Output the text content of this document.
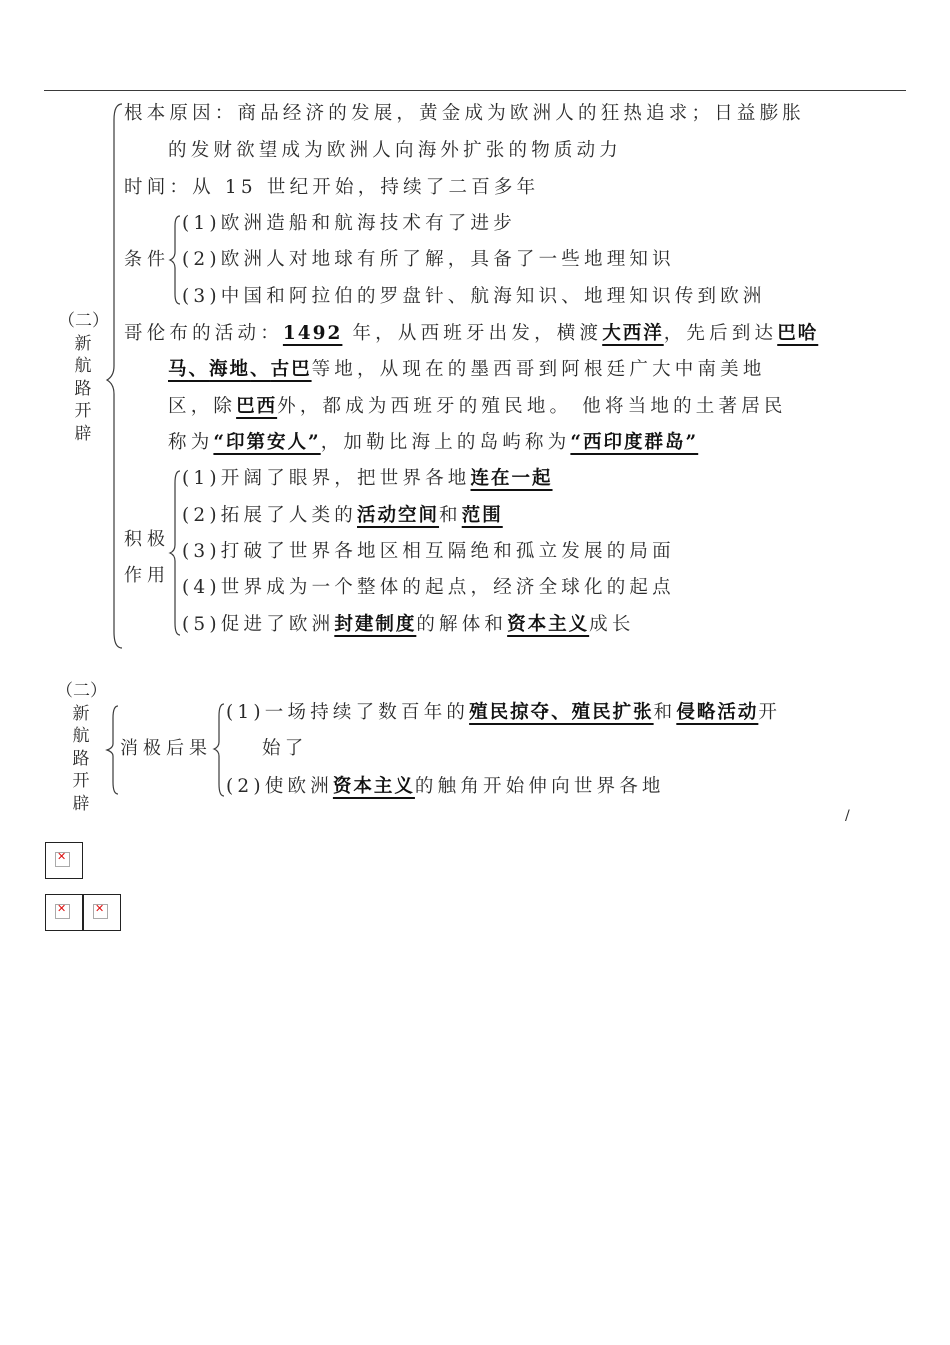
（二）
新
航
路
开
辟
根本原因：商品经济的发展，黄金成为欧洲人的狂热追求；日益膨胀
的发财欲望成为欧洲人向海外扩张的物质动力
时间：从 15 世纪开始，持续了二百多年
条件
(1)欧洲造船和航海技术有了进步
(2)欧洲人对地球有所了解，具备了一些地理知识
(3)中国和阿拉伯的罗盘针、航海知识、地理知识传到欧洲
哥伦布的活动：1492 年，从西班牙出发，横渡大西洋，先后到达巴哈
马、海地、古巴等地，从现在的墨西哥到阿根廷广大中南美地
区，除巴西外，都成为西班牙的殖民地。 他将当地的土著居民
称为“印第安人”，加勒比海上的岛屿称为“西印度群岛”
积极
作用
(1)开阔了眼界，把世界各地连在一起
(2)拓展了人类的活动空间和范围
(3)打破了世界各地区相互隔绝和孤立发展的局面
(4)世界成为一个整体的起点，经济全球化的起点
(5)促进了欧洲封建制度的解体和资本主义成长
（二）
新
航
路
开
辟
消极后果
(1)一场持续了数百年的殖民掠夺、殖民扩张和侵略活动开
始了
(2)使欧洲资本主义的触角开始伸向世界各地
/
✕
✕
✕
